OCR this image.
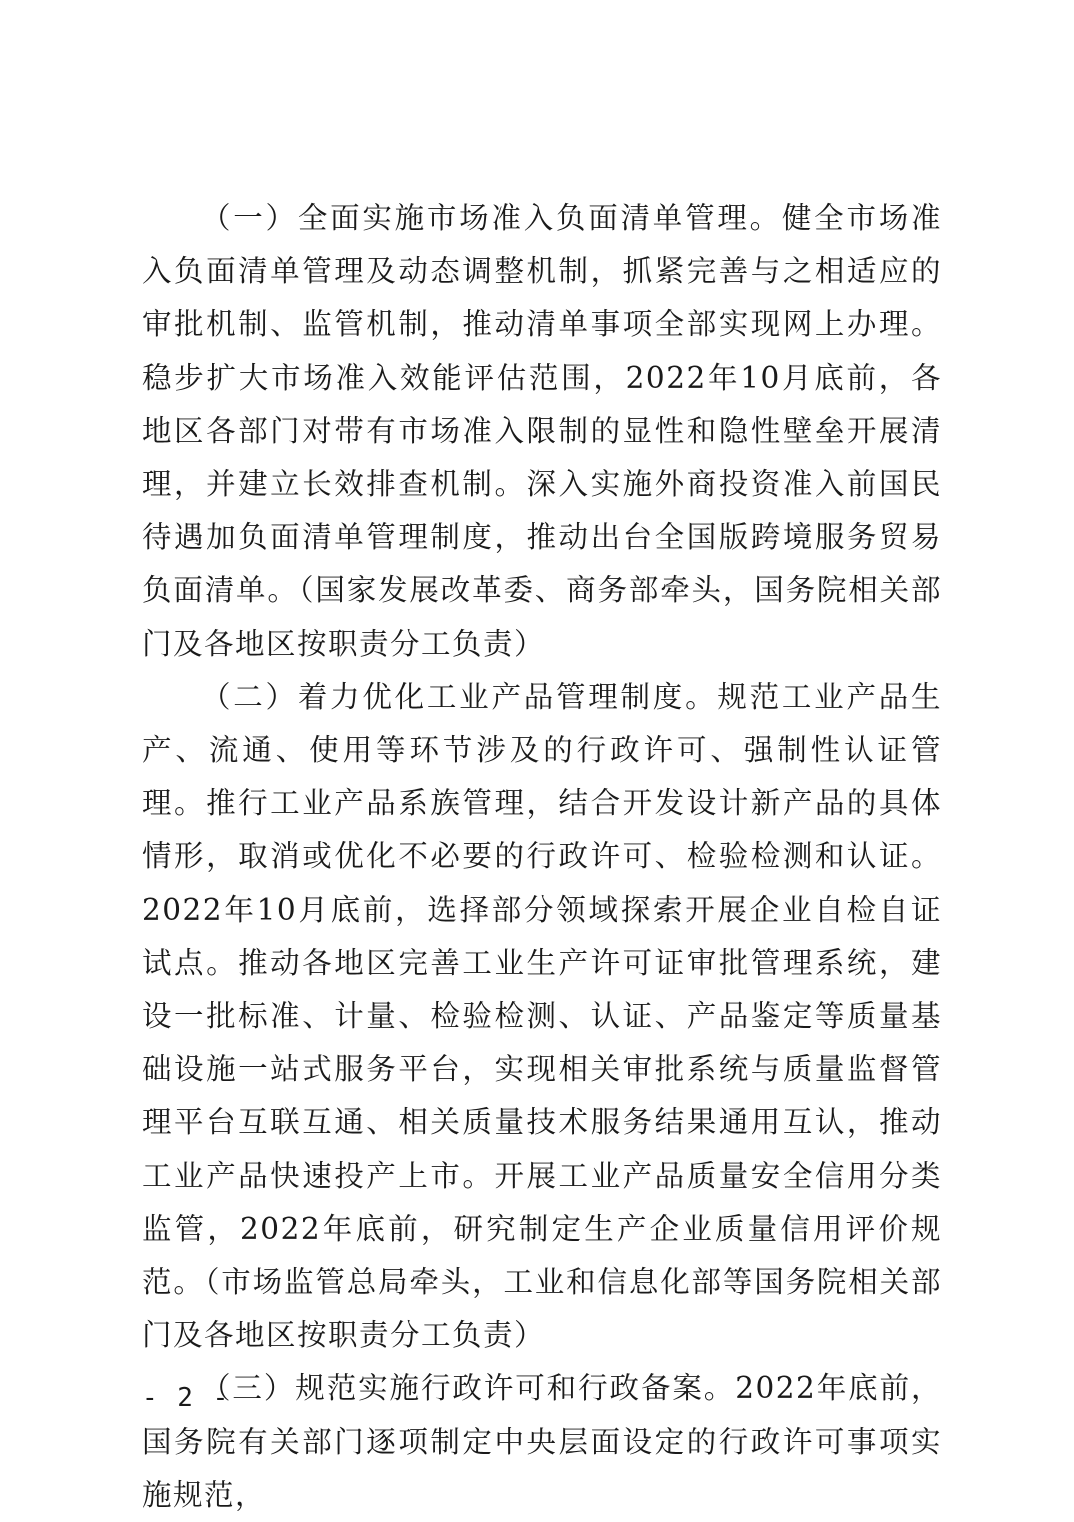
（一）全面实施市场准入负面清单管理。健全市场准入负面清单管理及动态调整机制，抓紧完善与之相适应的审批机制、监管机制，推动清单事项全部实现网上办理。稳步扩大市场准入效能评估范围，2022年10月底前，各地区各部门对带有市场准入限制的显性和隐性壁垒开展清理，并建立长效排查机制。深入实施外商投资准入前国民待遇加负面清单管理制度，推动出台全国版跨境服务贸易负面清单。（国家发展改革委、商务部牵头，国务院相关部门及各地区按职责分工负责）

（二）着力优化工业产品管理制度。规范工业产品生产、流通、使用等环节涉及的行政许可、强制性认证管理。推行工业产品系族管理，结合开发设计新产品的具体情形，取消或优化不必要的行政许可、检验检测和认证。2022年10月底前，选择部分领域探索开展企业自检自证试点。推动各地区完善工业生产许可证审批管理系统，建设一批标准、计量、检验检测、认证、产品鉴定等质量基础设施一站式服务平台，实现相关审批系统与质量监督管理平台互联互通、相关质量技术服务结果通用互认，推动工业产品快速投产上市。开展工业产品质量安全信用分类监管，2022年底前，研究制定生产企业质量信用评价规范。（市场监管总局牵头，工业和信息化部等国务院相关部门及各地区按职责分工负责）

（三）规范实施行政许可和行政备案。2022年底前，国务院有关部门逐项制定中央层面设定的行政许可事项实施规范，

- 2 -
